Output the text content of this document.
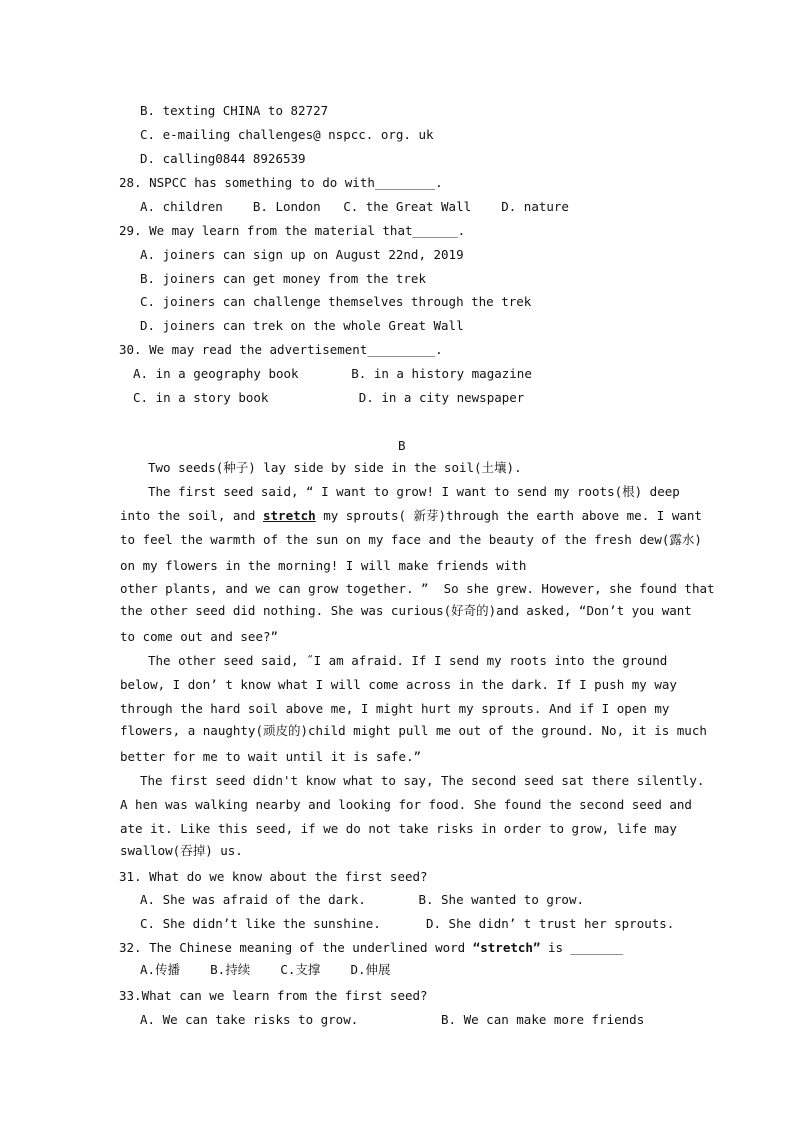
B. texting CHINA to 82727
C. e-mailing challenges@ nspcc. org. uk
D. calling0844 8926539
28. NSPCC has something to do with________.
A. children    B. London   C. the Great Wall    D. nature
29. We may learn from the material that______.
A. joiners can sign up on August 22nd, 2019
B. joiners can get money from the trek
C. joiners can challenge themselves through the trek
D. joiners can trek on the whole Great Wall
30. We may read the advertisement_________.
A. in a geography book       B. in a history magazine
C. in a story book            D. in a city newspaper
B
Two seeds(种子) lay side by side in the soil(土壤).
The first seed said, “ I want to grow! I want to send my roots(根) deep
into the soil, and stretch my sprouts( 新芽)through the earth above me. I want
to feel the warmth of the sun on my face and the beauty of the fresh dew(露水)
on my flowers in the morning! I will make friends with
other plants, and we can grow together. ”  So she grew. However, she found that
the other seed did nothing. She was curious(好奇的)and asked, “Don’t you want
to come out and see?”
The other seed said, ˝I am afraid. If I send my roots into the ground
below, I don’ t know what I will come across in the dark. If I push my way
through the hard soil above me, I might hurt my sprouts. And if I open my
flowers, a naughty(顽皮的)child might pull me out of the ground. No, it is much
better for me to wait until it is safe.”
The first seed didn't know what to say, The second seed sat there silently.
A hen was walking nearby and looking for food. She found the second seed and
ate it. Like this seed, if we do not take risks in order to grow, life may
swallow(吞掉) us.
31. What do we know about the first seed?
A. She was afraid of the dark.       B. She wanted to grow.
C. She didn’t like the sunshine.      D. She didn’ t trust her sprouts.
32. The Chinese meaning of the underlined word “stretch” is _______
A.传播    B.持续    C.支撑    D.伸展
33.What can we learn from the first seed?
A. We can take risks to grow.           B. We can make more friends
